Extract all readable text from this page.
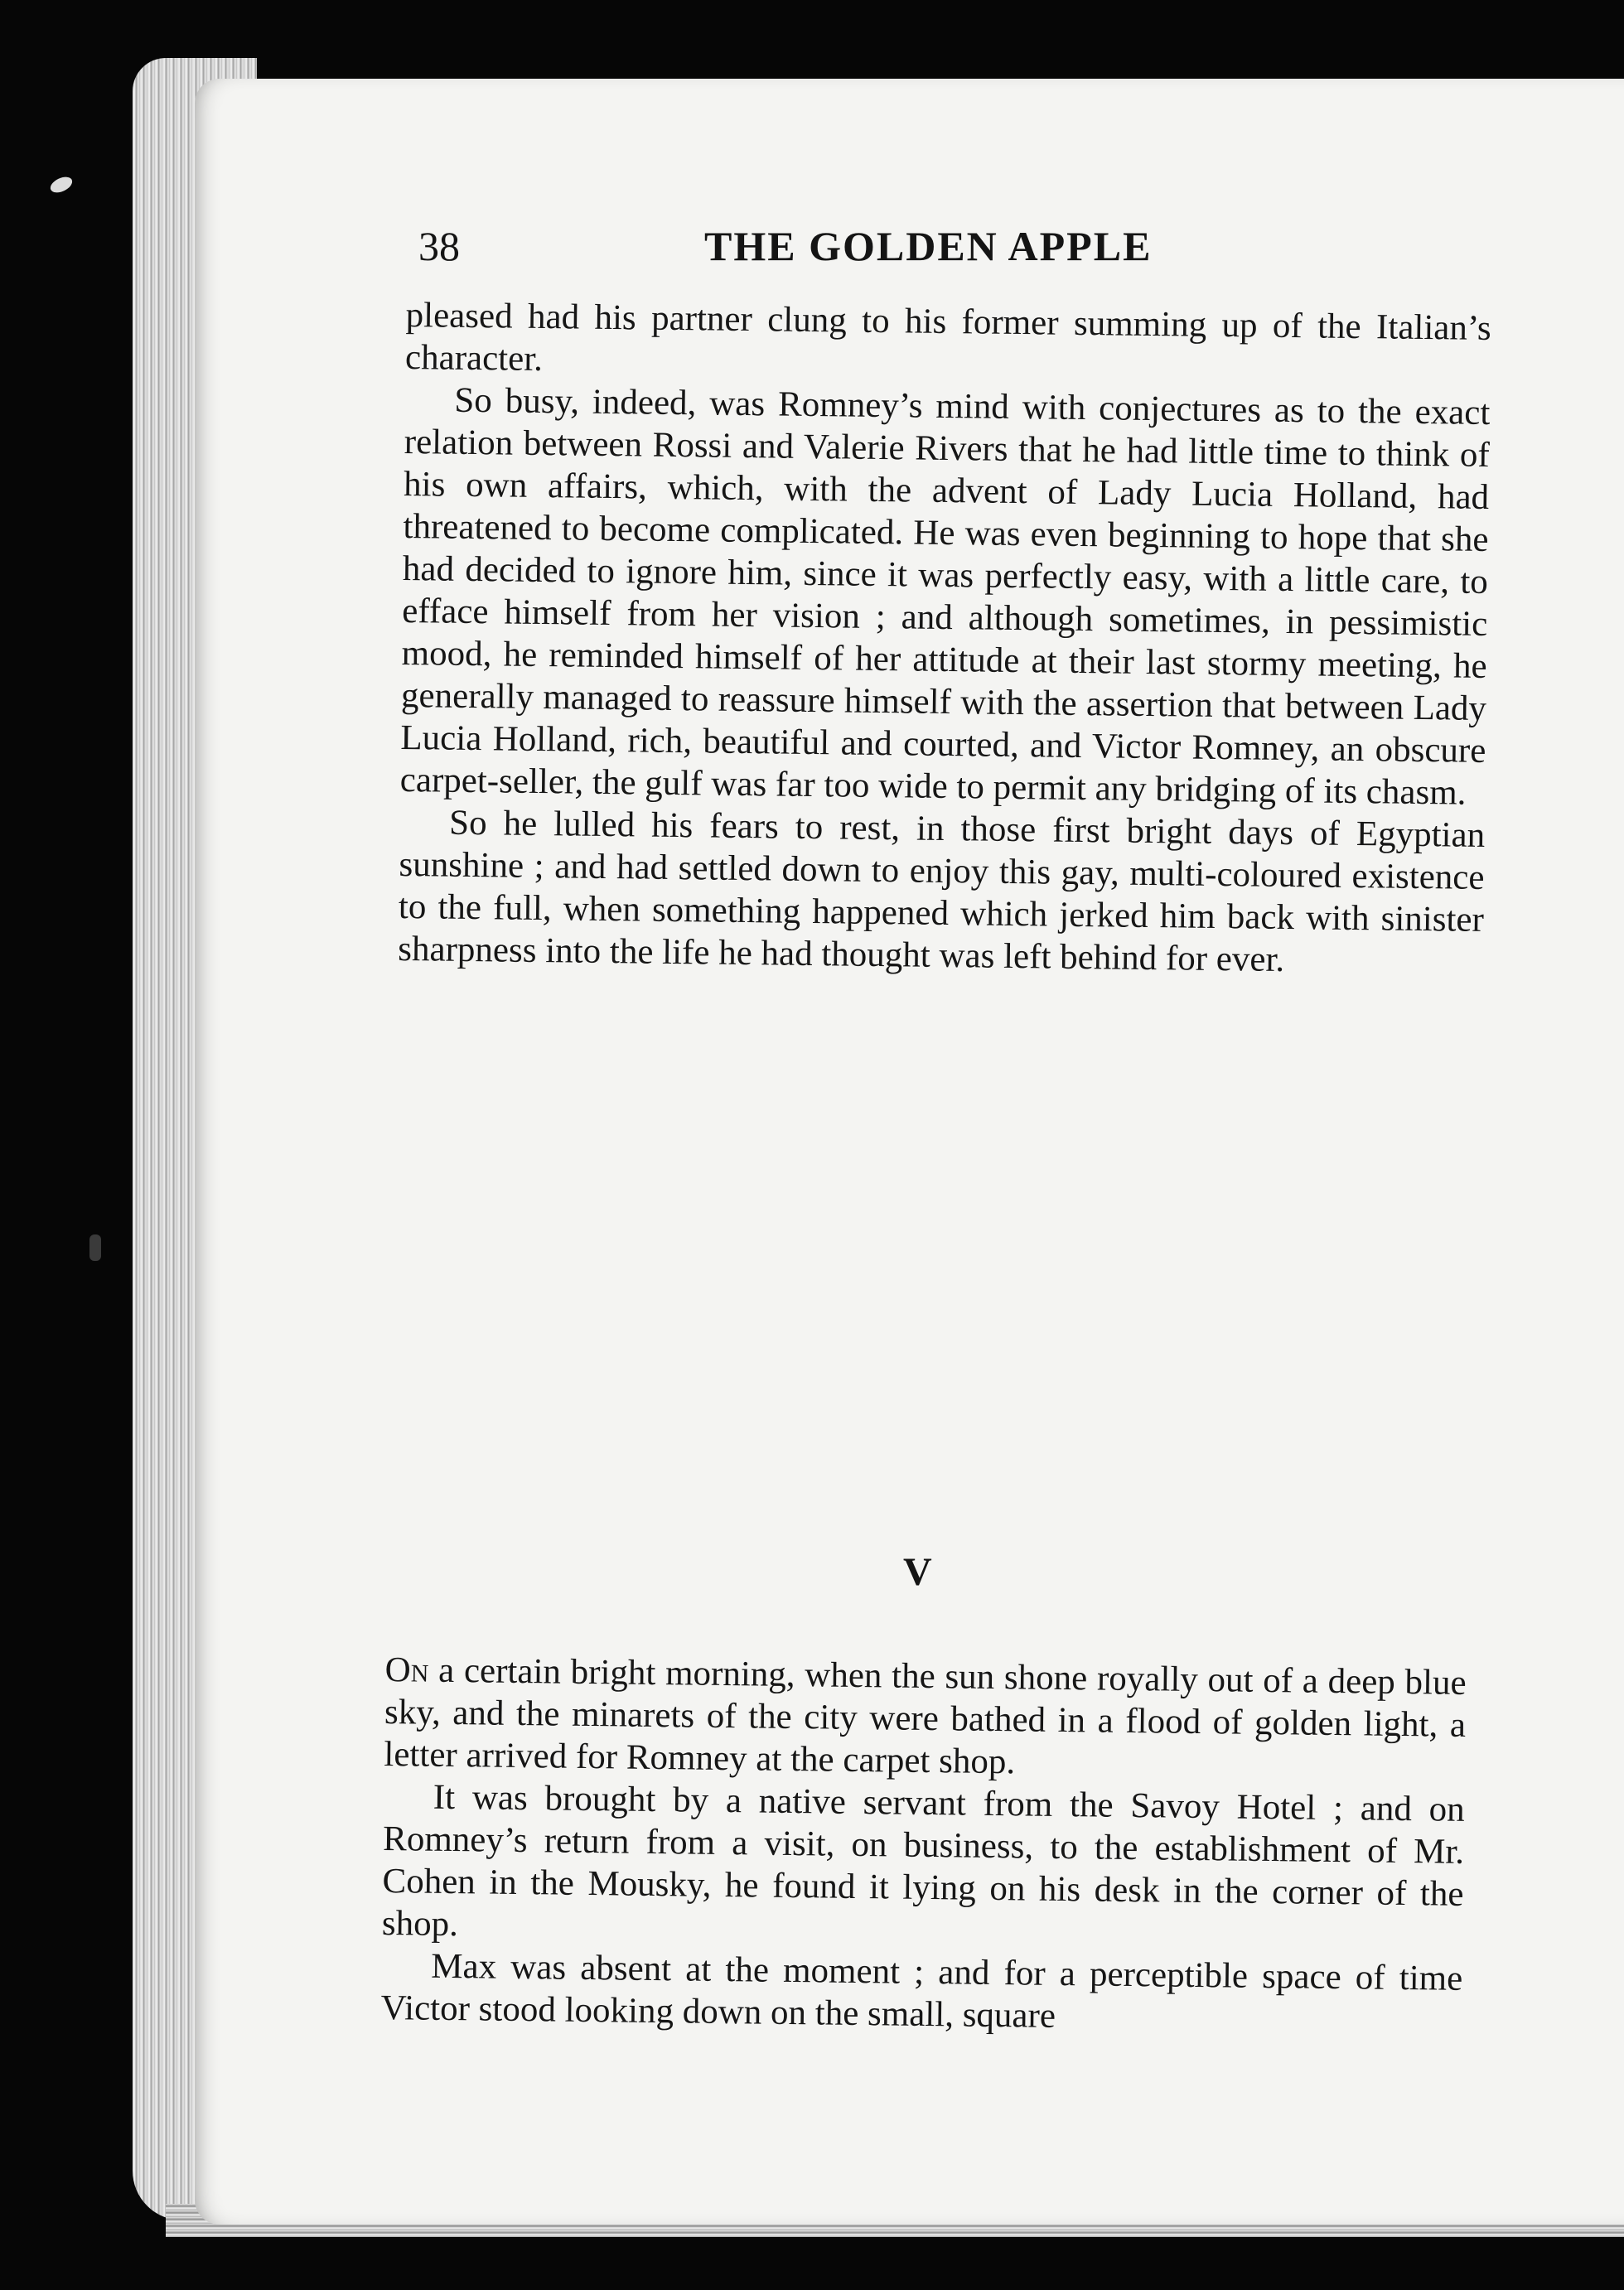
38	THE GOLDEN APPLE

pleased had his partner clung to his former summing up of the Italian’s character.

So busy, indeed, was Romney’s mind with conjectures as to the exact relation between Rossi and Valerie Rivers that he had little time to think of his own affairs, which, with the advent of Lady Lucia Holland, had threatened to become complicated. He was even beginning to hope that she had decided to ignore him, since it was perfectly easy, with a little care, to efface himself from her vision ; and although sometimes, in pessimistic mood, he reminded himself of her attitude at their last stormy meeting, he generally managed to reassure himself with the assertion that between Lady Lucia Holland, rich, beautiful and courted, and Victor Romney, an obscure carpet-seller, the gulf was far too wide to permit any bridging of its chasm.

So he lulled his fears to rest, in those first bright days of Egyptian sunshine ; and had settled down to enjoy this gay, multi-coloured existence to the full, when something happened which jerked him back with sinister sharpness into the life he had thought was left behind for ever.

V

On a certain bright morning, when the sun shone royally out of a deep blue sky, and the minarets of the city were bathed in a flood of golden light, a letter arrived for Romney at the carpet shop.

It was brought by a native servant from the Savoy Hotel ; and on Romney’s return from a visit, on business, to the establishment of Mr. Cohen in the Mousky, he found it lying on his desk in the corner of the shop.

Max was absent at the moment ; and for a perceptible space of time Victor stood looking down on the small, square
